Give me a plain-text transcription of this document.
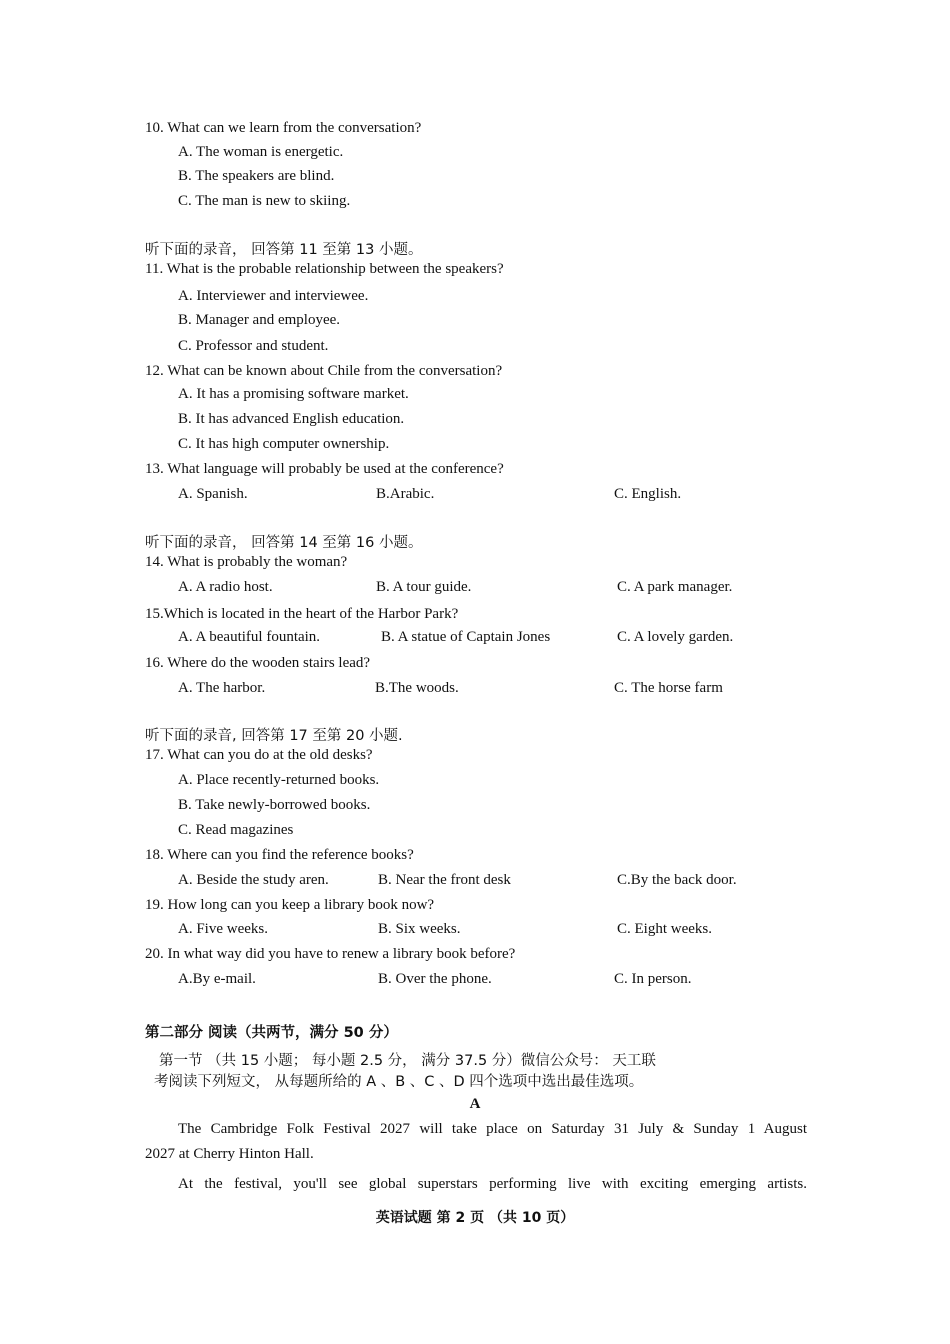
10. What can we learn from the conversation?
A. The woman is energetic.
B. The speakers are blind.
C. The man is new to skiing.
听下面的录音， 回答第 11 至第 13 小题。
11. What is the probable relationship between the speakers?
A. Interviewer and interviewee.
B. Manager and employee.
C. Professor and student.
12. What can be known about Chile from the conversation?
A. It has a promising software market.
B. It has advanced English education.
C. It has high computer ownership.
13. What language will probably be used at the conference?
A. Spanish.	B.Arabic.	C. English.
听下面的录音， 回答第 14 至第 16 小题。
14. What is probably the woman?
A. A radio host.	B. A tour guide.	C. A park manager.
15.Which is located in the heart of the Harbor Park?
A. A beautiful fountain.	B. A statue of Captain Jones	C. A lovely garden.
16. Where do the wooden stairs lead?
A. The harbor.	B.The woods.	C. The horse farm
听下面的录音, 回答第 17 至第 20 小题.
17. What can you do at the old desks?
A. Place recently-returned books.
B. Take newly-borrowed books.
C. Read magazines
18. Where can you find the reference books?
A. Beside the study aren.	B. Near the front desk	C.By the back door.
19. How long can you keep a library book now?
A. Five weeks.	B. Six weeks.	C. Eight weeks.
20. In what way did you have to renew a library book before?
A.By e-mail.	B. Over the phone.	C. In person.
第二部分 阅读（共两节，满分 50 分）
第一节 （共 15 小题； 每小题 2.5 分， 满分 37.5 分）微信公众号： 天工联
考阅读下列短文， 从每题所给的 A 、B 、C 、D 四个选项中选出最佳选项。
A
The Cambridge Folk Festival 2027 will take place on Saturday 31 July & Sunday 1 August
2027 at Cherry Hinton Hall.
At the festival, you'll see global superstars performing live with exciting emerging artists.
英语试题 第 2 页 （共 10 页）
